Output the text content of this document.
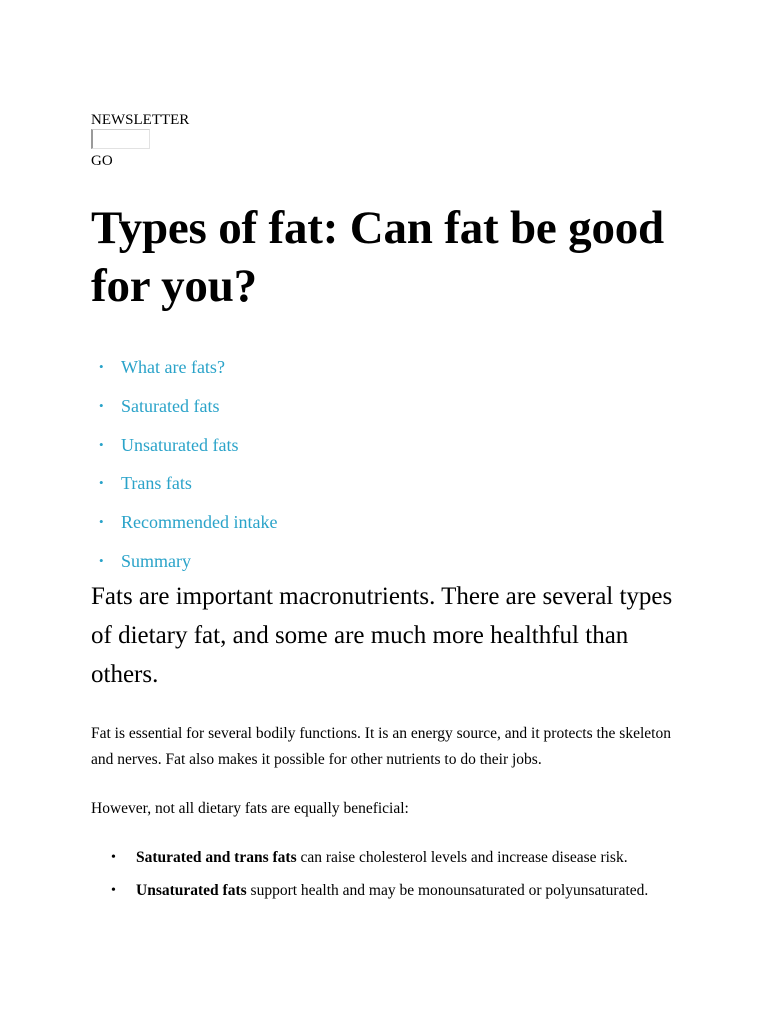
NEWSLETTER
GO
Types of fat: Can fat be good for you?
• What are fats?
• Saturated fats
• Unsaturated fats
• Trans fats
• Recommended intake
• Summary

Fats are important macronutrients. There are several types of dietary fat, and some are much more healthful than others.

Fat is essential for several bodily functions. It is an energy source, and it protects the skeleton and nerves. Fat also makes it possible for other nutrients to do their jobs.

However, not all dietary fats are equally beneficial:

• Saturated and trans fats can raise cholesterol levels and increase disease risk.
• Unsaturated fats support health and may be monounsaturated or polyunsaturated.
